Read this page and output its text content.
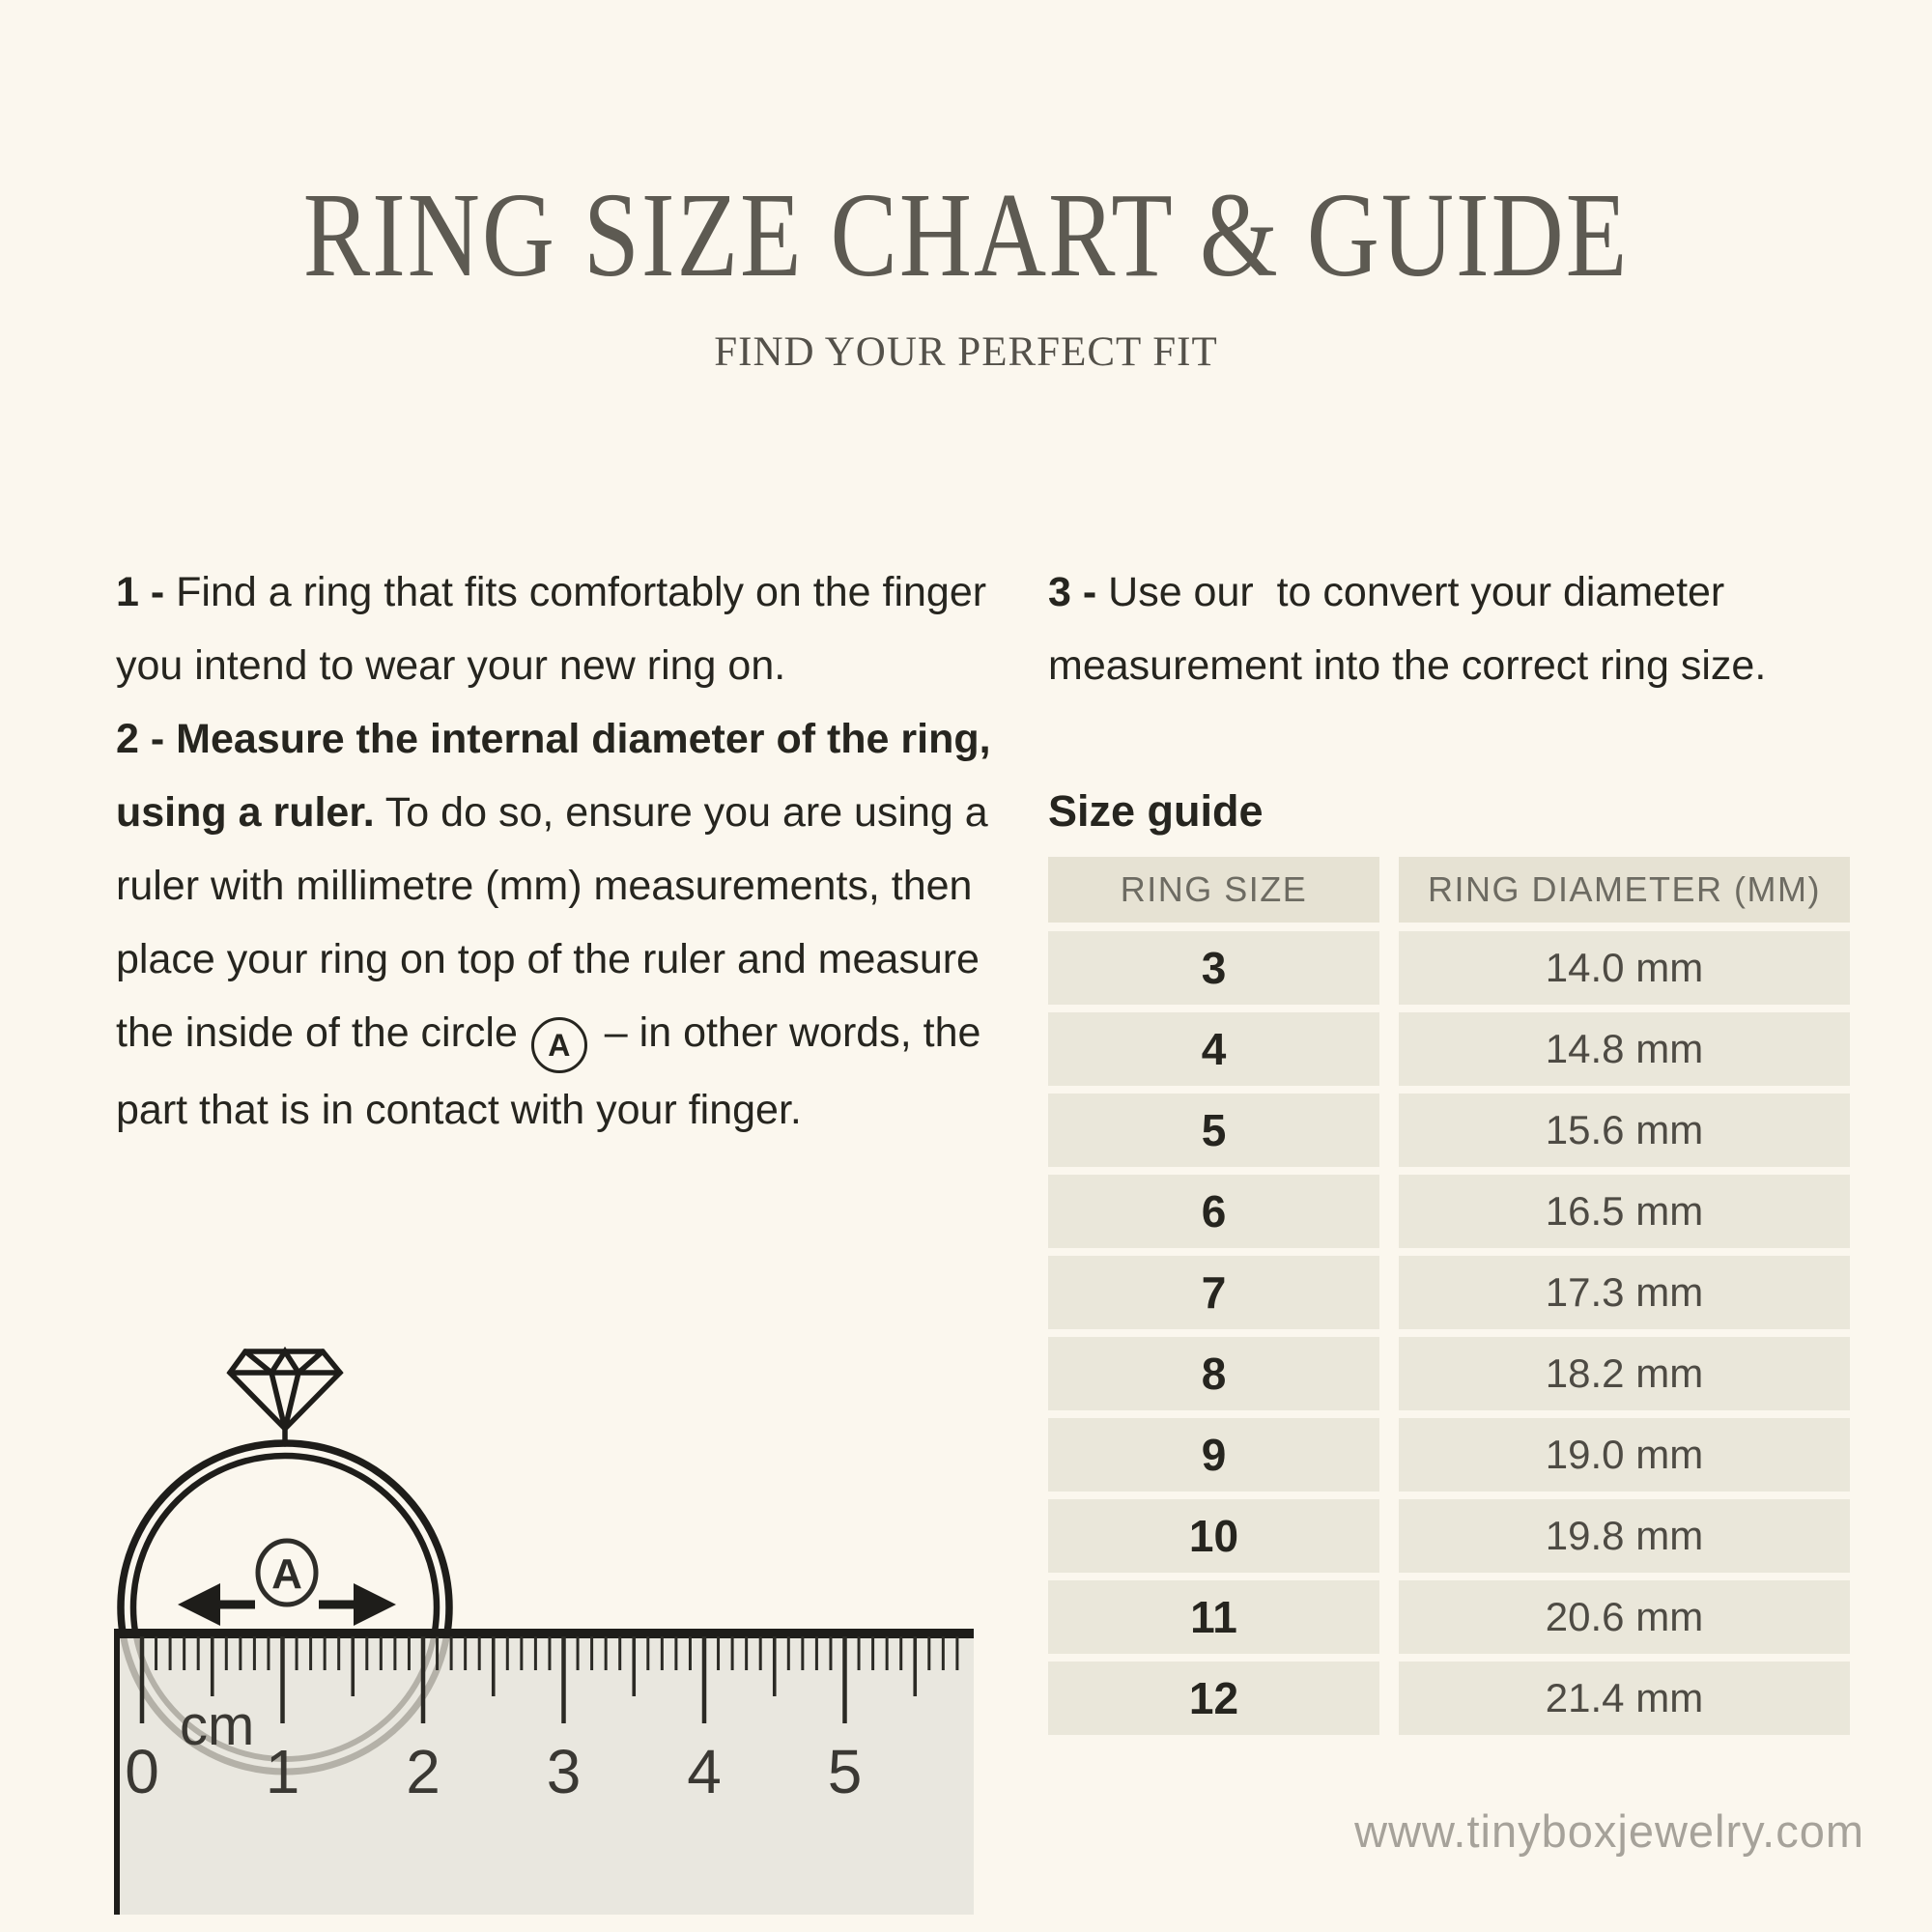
RING SIZE CHART & GUIDE
FIND YOUR PERFECT FIT

1 - Find a ring that fits comfortably on the finger you intend to wear your new ring on.

2 - Measure the internal diameter of the ring, using a ruler. To do so, ensure you are using a ruler with millimetre (mm) measurements, then place your ring on top of the ruler and measure the inside of the circle A – in other words, the part that is in contact with your finger.

3 - Use our  to convert your diameter measurement into the correct ring size.

Size guide
RING SIZE	RING DIAMETER (MM)
3	14.0 mm
4	14.8 mm
5	15.6 mm
6	16.5 mm
7	17.3 mm
8	18.2 mm
9	19.0 mm
10	19.8 mm
11	20.6 mm
12	21.4 mm
0 1 2 3 4 5
cm
A
www.tinyboxjewelry.com
